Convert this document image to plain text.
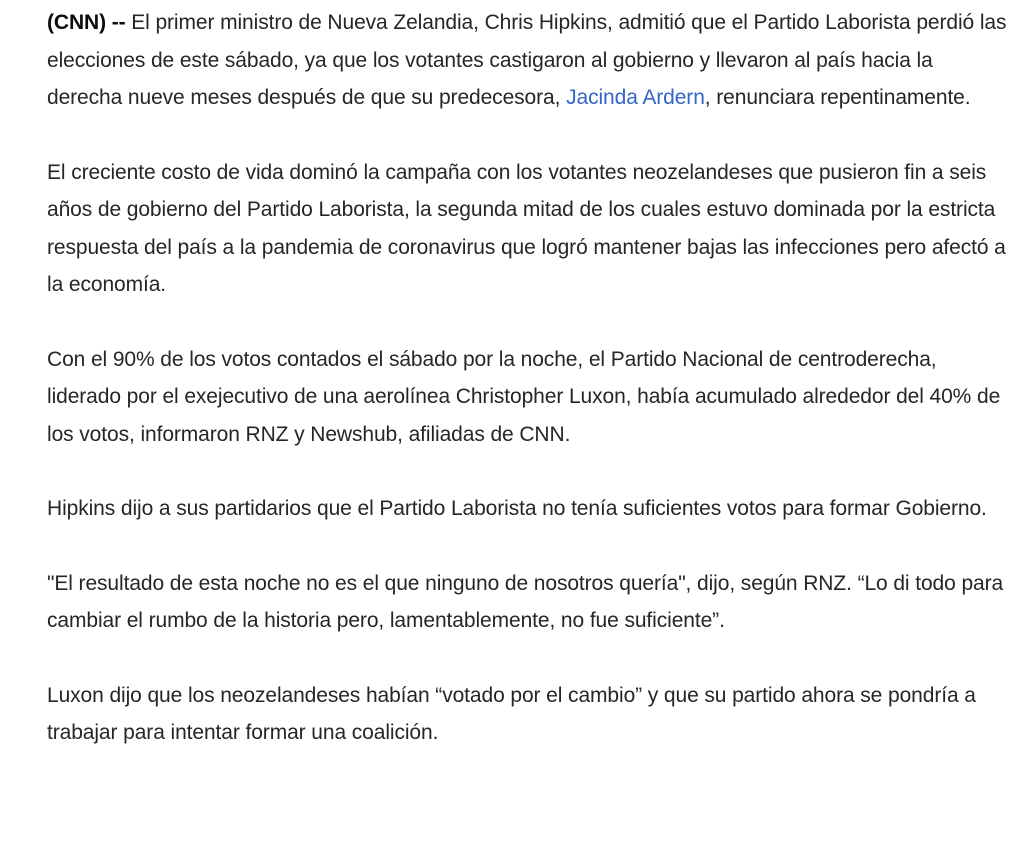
(CNN) -- El primer ministro de Nueva Zelandia, Chris Hipkins, admitió que el Partido Laborista perdió las elecciones de este sábado, ya que los votantes castigaron al gobierno y llevaron al país hacia la derecha nueve meses después de que su predecesora, Jacinda Ardern, renunciara repentinamente.

El creciente costo de vida dominó la campaña con los votantes neozelandeses que pusieron fin a seis años de gobierno del Partido Laborista, la segunda mitad de los cuales estuvo dominada por la estricta respuesta del país a la pandemia de coronavirus que logró mantener bajas las infecciones pero afectó a la economía.

Con el 90% de los votos contados el sábado por la noche, el Partido Nacional de centroderecha, liderado por el exejecutivo de una aerolínea Christopher Luxon, había acumulado alrededor del 40% de los votos, informaron RNZ y Newshub, afiliadas de CNN.

Hipkins dijo a sus partidarios que el Partido Laborista no tenía suficientes votos para formar Gobierno.

"El resultado de esta noche no es el que ninguno de nosotros quería", dijo, según RNZ. “Lo di todo para cambiar el rumbo de la historia pero, lamentablemente, no fue suficiente”.

Luxon dijo que los neozelandeses habían “votado por el cambio” y que su partido ahora se pondría a trabajar para intentar formar una coalición.
